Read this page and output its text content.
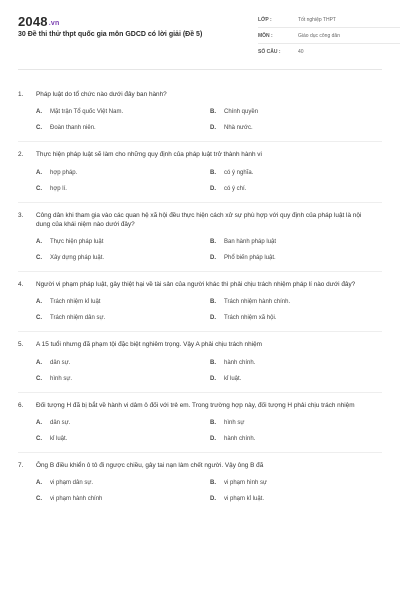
2048.vn
30 Đề thi thử thpt quốc gia môn GDCD có lời giải (Đề 5)
LỚP :	Tốt nghiệp THPT
MÔN :	Giáo dục công dân
SỐ CÂU :	40
1.	Pháp luật do tổ chức nào dưới đây ban hành?
A.	Mặt trận Tổ quốc Việt Nam.	B.	Chính quyền
C.	Đoàn thanh niên.	D.	Nhà nước.
2.	Thực hiện pháp luật sẽ làm cho những quy định của pháp luật trở thành hành vi
A.	hợp pháp.	B.	có ý nghĩa.
C.	hợp lí.	D.	có ý chí.
3.	Công dân khi tham gia vào các quan hệ xã hội đều thực hiện cách xử sự phù hợp với quy định của pháp luật là nội dung của khái niệm nào dưới đây?
A.	Thực hiện pháp luật	B.	Ban hành pháp luật
C.	Xây dựng pháp luật.	D.	Phổ biến pháp luật.
4.	Người vi phạm pháp luật, gây thiệt hại về tài sản của người khác thì phải chịu trách nhiệm pháp lí nào dưới đây?
A.	Trách nhiệm kỉ luật	B.	Trách nhiệm hành chính.
C.	Trách nhiệm dân sự.	D.	Trách nhiệm xã hội.
5.	A 15 tuổi nhưng đã phạm tội đặc biệt nghiêm trọng. Vậy A phải chịu trách nhiệm
A.	dân sự.	B.	hành chính.
C.	hình sự.	D.	kỉ luật.
6.	Đối tượng H đã bị bắt về hành vi dâm ô đối với trẻ em. Trong trường hợp này, đối tượng H phải chịu trách nhiệm
A.	dân sự.	B.	hình sự
C.	kỉ luật.	D.	hành chính.
7.	Ông B điều khiển ô tô đi ngược chiều, gây tai nạn làm chết người. Vậy ông B đã
A.	vi phạm dân sự.	B.	vi phạm hình sự
C.	vi phạm hành chính	D.	vi phạm kỉ luật.
